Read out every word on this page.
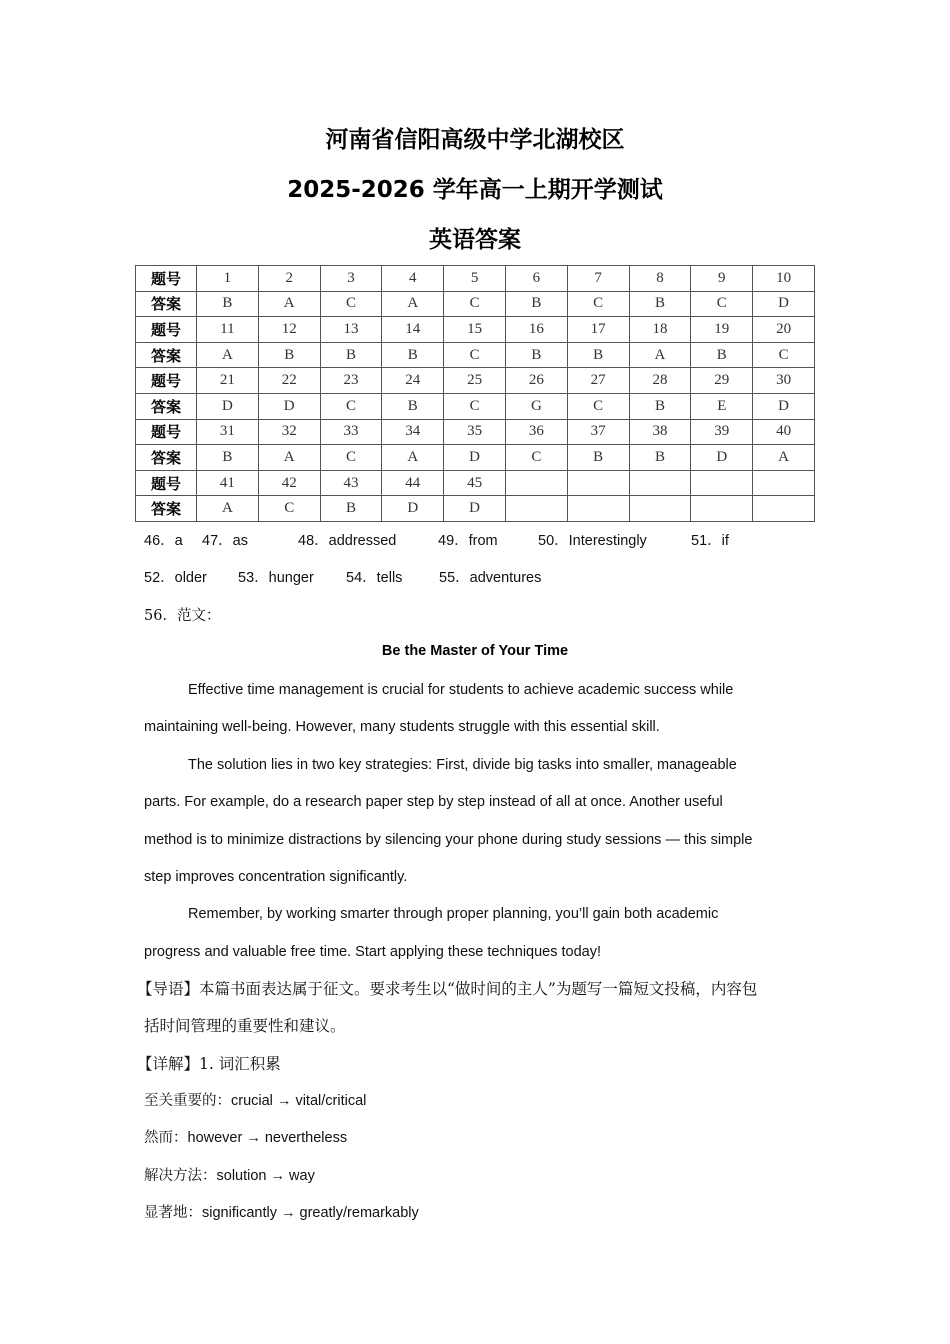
河南省信阳高级中学北湖校区
2025-2026 学年高一上期开学测试
英语答案
题号	1	2	3	4	5	6	7	8	9	10
答案	B	A	C	A	C	B	C	B	C	D
题号	11	12	13	14	15	16	17	18	19	20
答案	A	B	B	B	C	B	B	A	B	C
题号	21	22	23	24	25	26	27	28	29	30
答案	D	D	C	B	C	G	C	B	E	D
题号	31	32	33	34	35	36	37	38	39	40
答案	B	A	C	A	D	C	B	B	D	A
题号	41	42	43	44	45					
答案	A	C	B	D	D					
46．a 47．as	48．addressed	49．from	50．Interestingly	51．if
52．older 53．hunger 54．tells	55．adventures
56．范文：
Be the Master of Your Time
Effective time management is crucial for students to achieve academic success while
maintaining well-being. However, many students struggle with this essential skill.
The solution lies in two key strategies: First, divide big tasks into smaller, manageable
parts. For example, do a research paper step by step instead of all at once. Another useful
method is to minimize distractions by silencing your phone during study sessions — this simple
step improves concentration significantly.
Remember, by working smarter through proper planning, you’ll gain both academic
progress and valuable free time. Start applying these techniques today!
【导语】本篇书面表达属于征文。要求考生以“做时间的主人”为题写一篇短文投稿，内容包
括时间管理的重要性和建议。
【详解】1. 词汇积累
至关重要的：crucial → vital/critical
然而：however → nevertheless
解决方法：solution → way
显著地：significantly → greatly/remarkably
